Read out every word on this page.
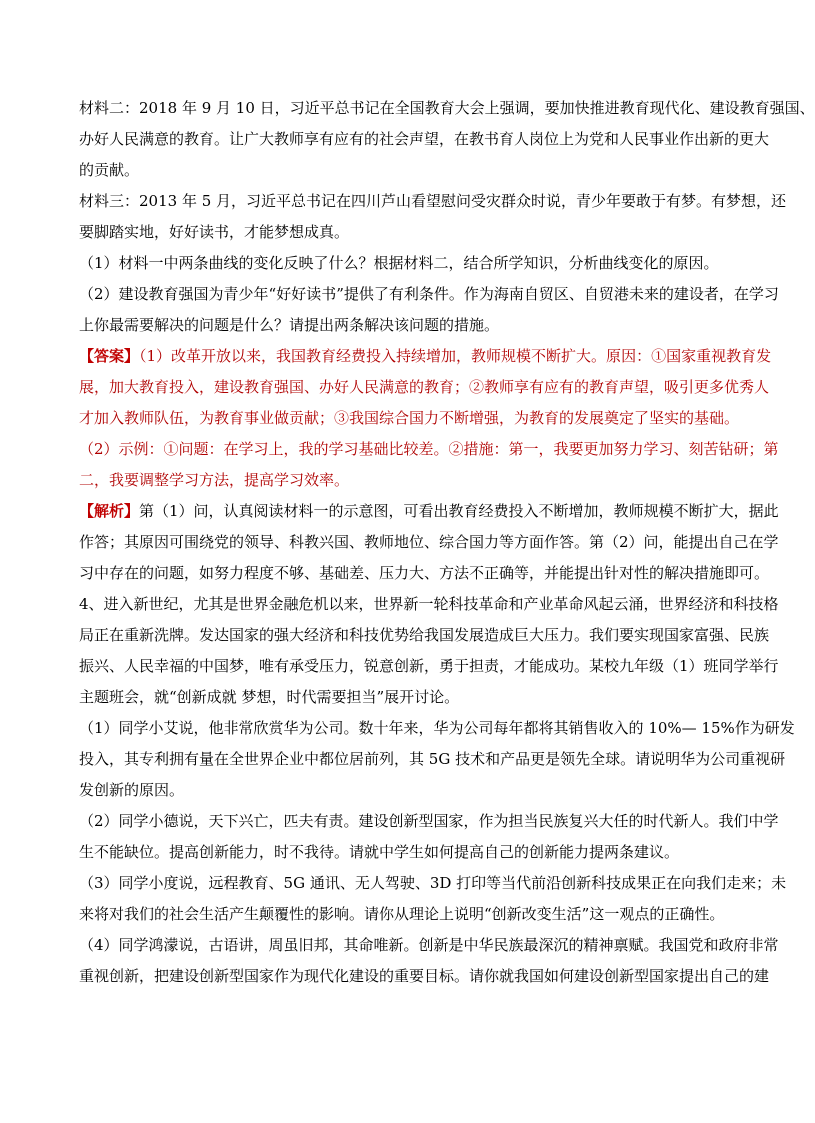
材料二：2018 年 9 月 10 日，习近平总书记在全国教育大会上强调，要加快推进教育现代化、建设教育强国、
办好人民满意的教育。让广大教师享有应有的社会声望，在教书育人岗位上为党和人民事业作出新的更大
的贡献。

材料三：2013 年 5 月，习近平总书记在四川芦山看望慰问受灾群众时说，青少年要敢于有梦。有梦想，还
要脚踏实地，好好读书，才能梦想成真。

（1）材料一中两条曲线的变化反映了什么？根据材料二，结合所学知识，分析曲线变化的原因。

（2）建设教育强国为青少年“好好读书”提供了有利条件。作为海南自贸区、自贸港未来的建设者，在学习
上你最需要解决的问题是什么？请提出两条解决该问题的措施。

【答案】（1）改革开放以来，我国教育经费投入持续增加，教师规模不断扩大。原因：①国家重视教育发
展，加大教育投入，建设教育强国、办好人民满意的教育；②教师享有应有的教育声望，吸引更多优秀人
才加入教师队伍，为教育事业做贡献；③我国综合国力不断增强，为教育的发展奠定了坚实的基础。

（2）示例：①问题：在学习上，我的学习基础比较差。②措施：第一，我要更加努力学习、刻苦钻研；第
二，我要调整学习方法，提高学习效率。

【解析】第（1）问，认真阅读材料一的示意图，可看出教育经费投入不断增加，教师规模不断扩大，据此
作答；其原因可围绕党的领导、科教兴国、教师地位、综合国力等方面作答。第（2）问，能提出自己在学
习中存在的问题，如努力程度不够、基础差、压力大、方法不正确等，并能提出针对性的解决措施即可。

4、进入新世纪，尤其是世界金融危机以来，世界新一轮科技革命和产业革命风起云涌，世界经济和科技格
局正在重新洗牌。发达国家的强大经济和科技优势给我国发展造成巨大压力。我们要实现国家富强、民族
振兴、人民幸福的中国梦，唯有承受压力，锐意创新，勇于担责，才能成功。某校九年级（1）班同学举行
主题班会，就“创新成就 梦想，时代需要担当”展开讨论。

（1）同学小艾说，他非常欣赏华为公司。数十年来，华为公司每年都将其销售收入的 10%— 15%作为研发
投入，其专利拥有量在全世界企业中都位居前列，其 5G 技术和产品更是领先全球。请说明华为公司重视研
发创新的原因。

（2）同学小德说，天下兴亡，匹夫有责。建设创新型国家，作为担当民族复兴大任的时代新人。我们中学
生不能缺位。提高创新能力，时不我待。请就中学生如何提高自己的创新能力提两条建议。

（3）同学小度说，远程教育、5G 通讯、无人驾驶、3D 打印等当代前沿创新科技成果正在向我们走来；未
来将对我们的社会生活产生颠覆性的影响。请你从理论上说明“创新改变生活”这一观点的正确性。

（4）同学鸿濛说，古语讲，周虽旧邦，其命唯新。创新是中华民族最深沉的精神禀赋。我国党和政府非常
重视创新，把建设创新型国家作为现代化建设的重要目标。请你就我国如何建设创新型国家提出自己的建
